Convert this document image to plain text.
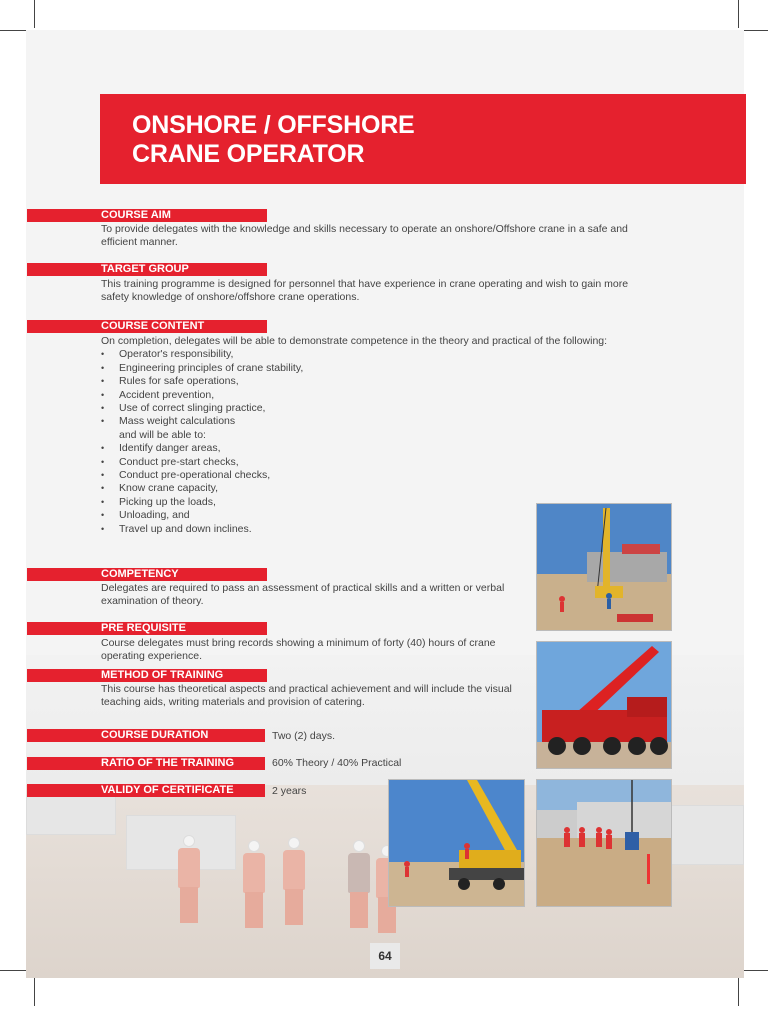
ONSHORE / OFFSHORE
CRANE OPERATOR
COURSE AIM
To provide delegates with the knowledge and skills necessary to operate an onshore/Offshore crane in a safe and efficient manner.
TARGET GROUP
This training programme is designed for personnel that have experience in crane operating and wish to gain more safety knowledge of onshore/offshore crane operations.
COURSE CONTENT
On completion, delegates will be able to demonstrate competence in the theory and practical of the following:
• Operator's responsibility,
• Engineering principles of crane stability,
• Rules for safe operations,
• Accident prevention,
• Use of correct slinging practice,
• Mass weight calculations
and will be able to:
• Identify danger areas,
• Conduct pre-start checks,
• Conduct pre-operational checks,
• Know crane capacity,
• Picking up the loads,
• Unloading, and
• Travel up and down inclines.
COMPETENCY
Delegates are required to pass an assessment of practical skills and a written or verbal examination of theory.
PRE REQUISITE
Course delegates must bring records showing a minimum of forty (40) hours of crane operating experience.
METHOD OF TRAINING
This course has theoretical aspects and practical achievement and will include the visual teaching aids, writing materials and provision of catering.
COURSE DURATION	Two (2) days.
RATIO OF THE TRAINING	60% Theory / 40% Practical
VALIDY OF CERTIFICATE	2 years
64
